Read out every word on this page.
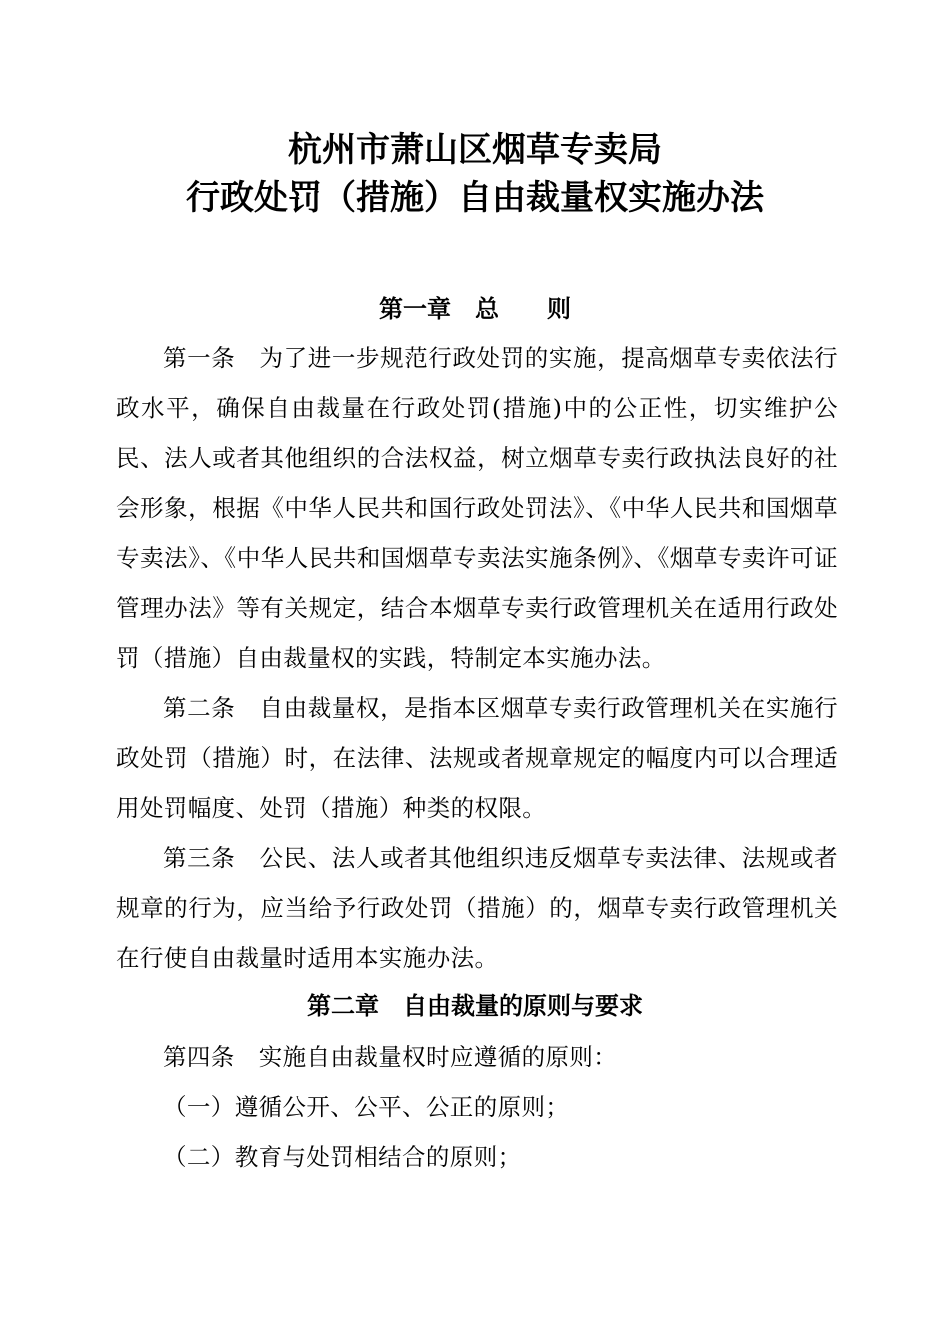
杭州市萧山区烟草专卖局
行政处罚（措施）自由裁量权实施办法
第一章 总 则

第一条 为了进一步规范行政处罚的实施，提高烟草专卖依法行政水平，确保自由裁量在行政处罚(措施)中的公正性，切实维护公民、法人或者其他组织的合法权益，树立烟草专卖行政执法良好的社会形象，根据《中华人民共和国行政处罚法》、《中华人民共和国烟草专卖法》、《中华人民共和国烟草专卖法实施条例》、《烟草专卖许可证管理办法》等有关规定，结合本烟草专卖行政管理机关在适用行政处罚（措施）自由裁量权的实践，特制定本实施办法。

第二条 自由裁量权，是指本区烟草专卖行政管理机关在实施行政处罚（措施）时，在法律、法规或者规章规定的幅度内可以合理适用处罚幅度、处罚（措施）种类的权限。

第三条 公民、法人或者其他组织违反烟草专卖法律、法规或者规章的行为，应当给予行政处罚（措施）的，烟草专卖行政管理机关在行使自由裁量时适用本实施办法。

第二章 自由裁量的原则与要求

第四条 实施自由裁量权时应遵循的原则：

（一）遵循公开、公平、公正的原则；

（二）教育与处罚相结合的原则；
